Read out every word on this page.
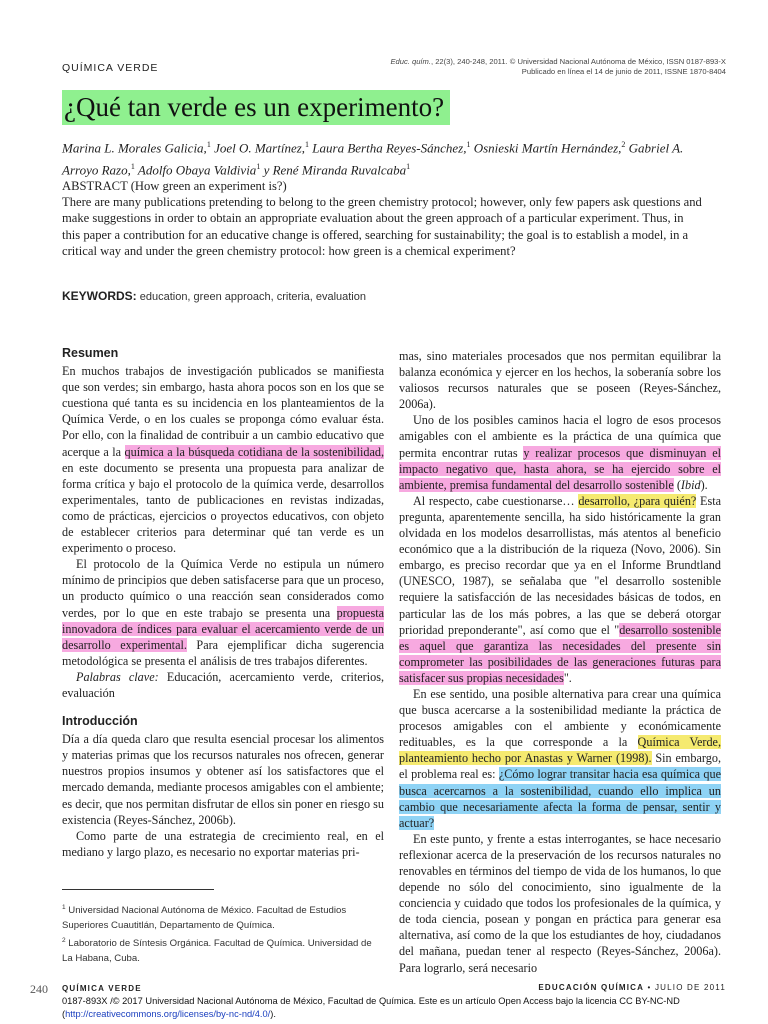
QUÍMICA VERDE
Educ. quím., 22(3), 240-248, 2011. © Universidad Nacional Autónoma de México, ISSN 0187-893-X
Publicado en línea el 14 de junio de 2011, ISSNE 1870-8404
¿Qué tan verde es un experimento?
Marina L. Morales Galicia,$^1$ Joel O. Martínez,$^1$ Laura Bertha Reyes-Sánchez,$^1$ Osnieski Martín Hernández,$^2$ Gabriel A. Arroyo Razo,$^1$ Adolfo Obaya Valdivia$^1$ y René Miranda Ruvalcaba$^1$
ABSTRACT (How green an experiment is?)
There are many publications pretending to belong to the green chemistry protocol; however, only few papers ask questions and make suggestions in order to obtain an appropriate evaluation about the green approach of a particular experiment. Thus, in this paper a contribution for an educative change is offered, searching for sustainability; the goal is to establish a model, in a critical way and under the green chemistry protocol: how green is a chemical experiment?
KEYWORDS: education, green approach, criteria, evaluation
Resumen

En muchos trabajos de investigación publicados se manifiesta que son verdes; sin embargo, hasta ahora pocos son en los que se cuestiona qué tanta es su incidencia en los planteamientos de la Química Verde, o en los cuales se proponga cómo evaluar ésta. Por ello, con la finalidad de contribuir a un cambio educativo que acerque a la química a la búsqueda cotidiana de la sostenibilidad, en este documento se presenta una propuesta para analizar de forma crítica y bajo el protocolo de la química verde, desarrollos experimentales, tanto de publicaciones en revistas indizadas, como de prácticas, ejercicios o proyectos educativos, con objeto de establecer criterios para determinar qué tan verde es un experimento o proceso.

El protocolo de la Química Verde no estipula un número mínimo de principios que deben satisfacerse para que un proceso, un producto químico o una reacción sean considerados como verdes, por lo que en este trabajo se presenta una propuesta innovadora de índices para evaluar el acercamiento verde de un desarrollo experimental. Para ejemplificar dicha sugerencia metodológica se presenta el análisis de tres trabajos diferentes.

Palabras clave: Educación, acercamiento verde, criterios, evaluación

Introducción

Día a día queda claro que resulta esencial procesar los alimentos y materias primas que los recursos naturales nos ofrecen, generar nuestros propios insumos y obtener así los satisfactores que el mercado demanda, mediante procesos amigables con el ambiente; es decir, que nos permitan disfrutar de ellos sin poner en riesgo su existencia (Reyes-Sánchez, 2006b).

Como parte de una estrategia de crecimiento real, en el mediano y largo plazo, es necesario no exportar materias pri-

mas, sino materiales procesados que nos permitan equilibrar la balanza económica y ejercer en los hechos, la soberanía sobre los valiosos recursos naturales que se poseen (Reyes-Sánchez, 2006a).

Uno de los posibles caminos hacia el logro de esos procesos amigables con el ambiente es la práctica de una química que permita encontrar rutas y realizar procesos que disminuyan el impacto negativo que, hasta ahora, se ha ejercido sobre el ambiente, premisa fundamental del desarrollo sostenible (Ibid).

Al respecto, cabe cuestionarse… desarrollo, ¿para quién? Esta pregunta, aparentemente sencilla, ha sido históricamente la gran olvidada en los modelos desarrollistas, más atentos al beneficio económico que a la distribución de la riqueza (Novo, 2006). Sin embargo, es preciso recordar que ya en el Informe Brundtland (UNESCO, 1987), se señalaba que "el desarrollo sostenible requiere la satisfacción de las necesidades básicas de todos, en particular las de los más pobres, a las que se deberá otorgar prioridad preponderante", así como que el "desarrollo sostenible es aquel que garantiza las necesidades del presente sin comprometer las posibilidades de las generaciones futuras para satisfacer sus propias necesidades".

En ese sentido, una posible alternativa para crear una química que busca acercarse a la sostenibilidad mediante la práctica de procesos amigables con el ambiente y económicamente redituables, es la que corresponde a la Química Verde, planteamiento hecho por Anastas y Warner (1998). Sin embargo, el problema real es: ¿Cómo lograr transitar hacia esa química que busca acercarnos a la sostenibilidad, cuando ello implica un cambio que necesariamente afecta la forma de pensar, sentir y actuar?

En este punto, y frente a estas interrogantes, se hace necesario reflexionar acerca de la preservación de los recursos naturales no renovables en términos del tiempo de vida de los humanos, lo que depende no sólo del conocimiento, sino igualmente de la conciencia y cuidado que todos los profesionales de la química, y de toda ciencia, posean y pongan en práctica para generar esa alternativa, así como de la que los estudiantes de hoy, ciudadanos del mañana, puedan tener al respecto (Reyes-Sánchez, 2006a). Para lograrlo, será necesario

$^1$ Universidad Nacional Autónoma de México. Facultad de Estudios Superiores Cuautitlán, Departamento de Química.
$^2$ Laboratorio de Síntesis Orgánica. Facultad de Química. Universidad de La Habana, Cuba.
240 QUÍMICA VERDE	EDUCACIÓN QUÍMICA • JULIO DE 2011
0187-893X /© 2017 Universidad Nacional Autónoma de México, Facultad de Química. Este es un artículo Open Access bajo la licencia CC BY-NC-ND (http://creativecommons.org/licenses/by-nc-nd/4.0/).
